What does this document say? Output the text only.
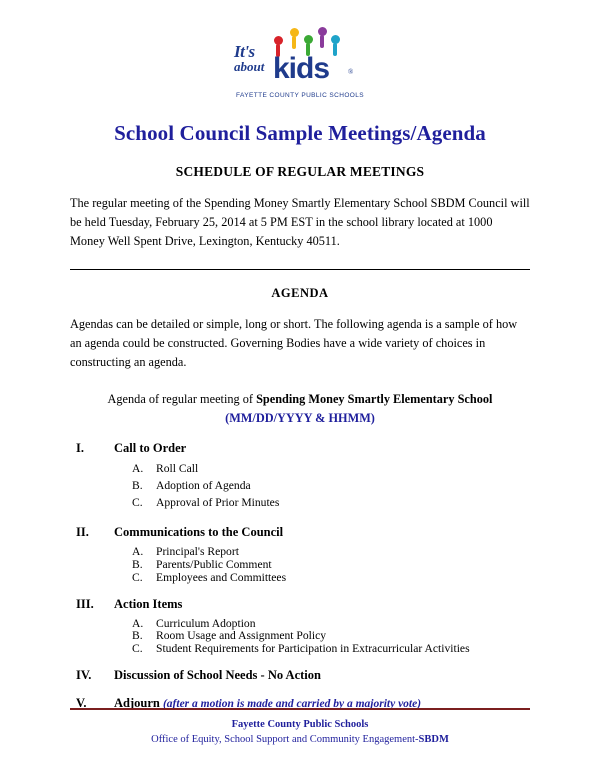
It's
about kids	®
FAYETTE COUNTY PUBLIC SCHOOLS
School Council Sample Meetings/Agenda
SCHEDULE OF REGULAR MEETINGS

The regular meeting of the Spending Money Smartly Elementary School SBDM Council will be held Tuesday, February 25, 2014 at 5 PM EST in the school library located at 1000 Money Well Spent Drive, Lexington, Kentucky 40511.

AGENDA

Agendas can be detailed or simple, long or short. The following agenda is a sample of how an agenda could be constructed. Governing Bodies have a wide variety of choices in constructing an agenda.

Agenda of regular meeting of Spending Money Smartly Elementary School
(MM/DD/YYYY & HHMM)
I.	Call to Order
A.	Roll Call
B.	Adoption of Agenda
C.	Approval of Prior Minutes
II.	Communications to the Council
A.	Principal's Report
B.	Parents/Public Comment
C.	Employees and Committees
III.	Action Items
A.	Curriculum Adoption
B.	Room Usage and Assignment Policy
C.	Student Requirements for Participation in Extracurricular Activities
IV.	Discussion of School Needs - No Action
V.	Adjourn (after a motion is made and carried by a majority vote)
Fayette County Public Schools
Office of Equity, School Support and Community Engagement-SBDM
